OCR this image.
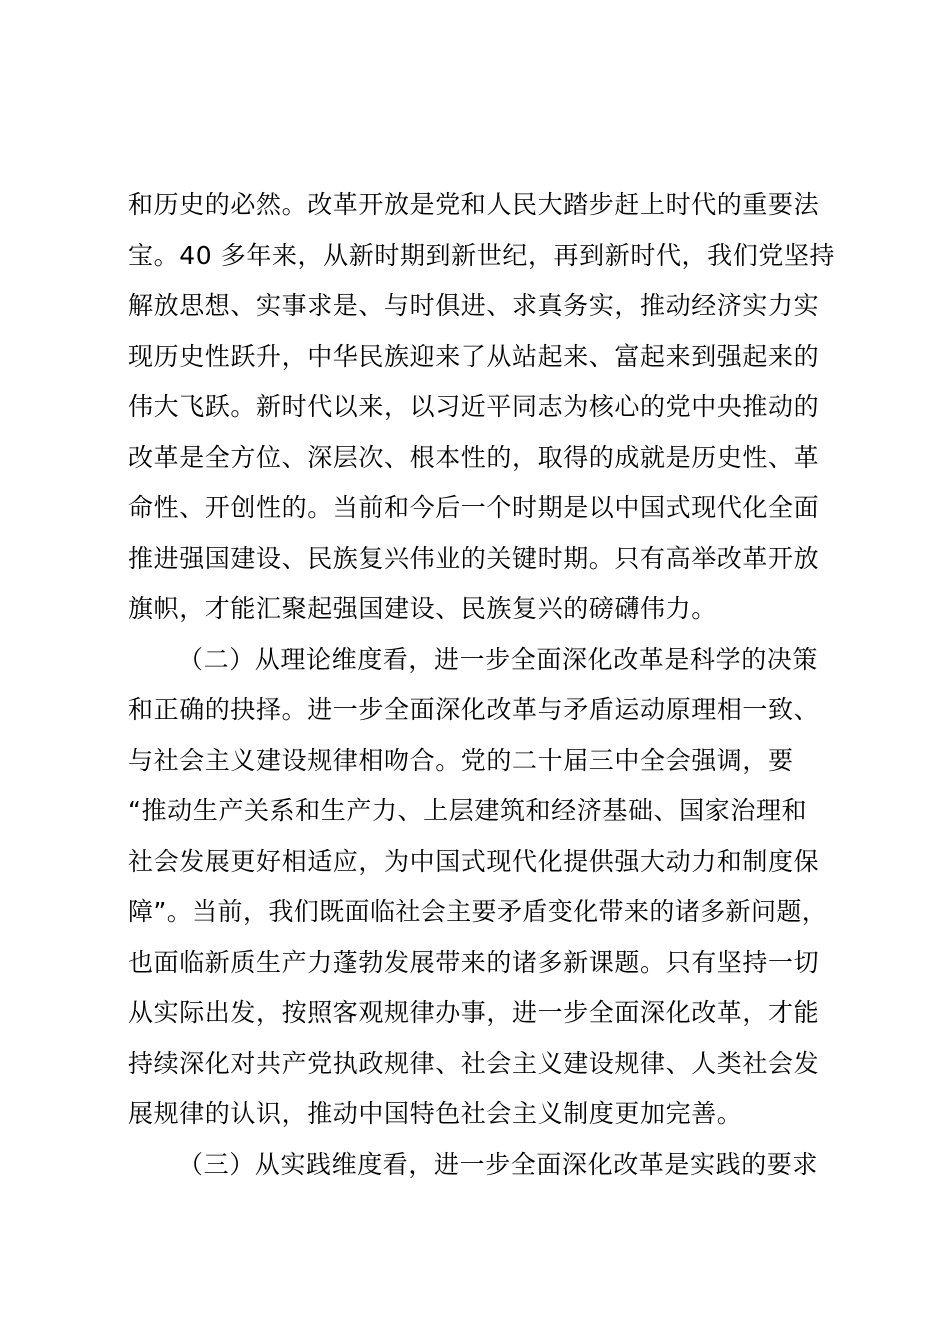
和历史的必然。改革开放是党和人民大踏步赶上时代的重要法
宝。40 多年来，从新时期到新世纪，再到新时代，我们党坚持
解放思想、实事求是、与时俱进、求真务实，推动经济实力实
现历史性跃升，中华民族迎来了从站起来、富起来到强起来的
伟大飞跃。新时代以来，以习近平同志为核心的党中央推动的
改革是全方位、深层次、根本性的，取得的成就是历史性、革
命性、开创性的。当前和今后一个时期是以中国式现代化全面
推进强国建设、民族复兴伟业的关键时期。只有高举改革开放
旗帜，才能汇聚起强国建设、民族复兴的磅礴伟力。
（二）从理论维度看，进一步全面深化改革是科学的决策
和正确的抉择。进一步全面深化改革与矛盾运动原理相一致、
与社会主义建设规律相吻合。党的二十届三中全会强调，要
“推动生产关系和生产力、上层建筑和经济基础、国家治理和
社会发展更好相适应，为中国式现代化提供强大动力和制度保
障”。当前，我们既面临社会主要矛盾变化带来的诸多新问题，
也面临新质生产力蓬勃发展带来的诸多新课题。只有坚持一切
从实际出发，按照客观规律办事，进一步全面深化改革，才能
持续深化对共产党执政规律、社会主义建设规律、人类社会发
展规律的认识，推动中国特色社会主义制度更加完善。
（三）从实践维度看，进一步全面深化改革是实践的要求
